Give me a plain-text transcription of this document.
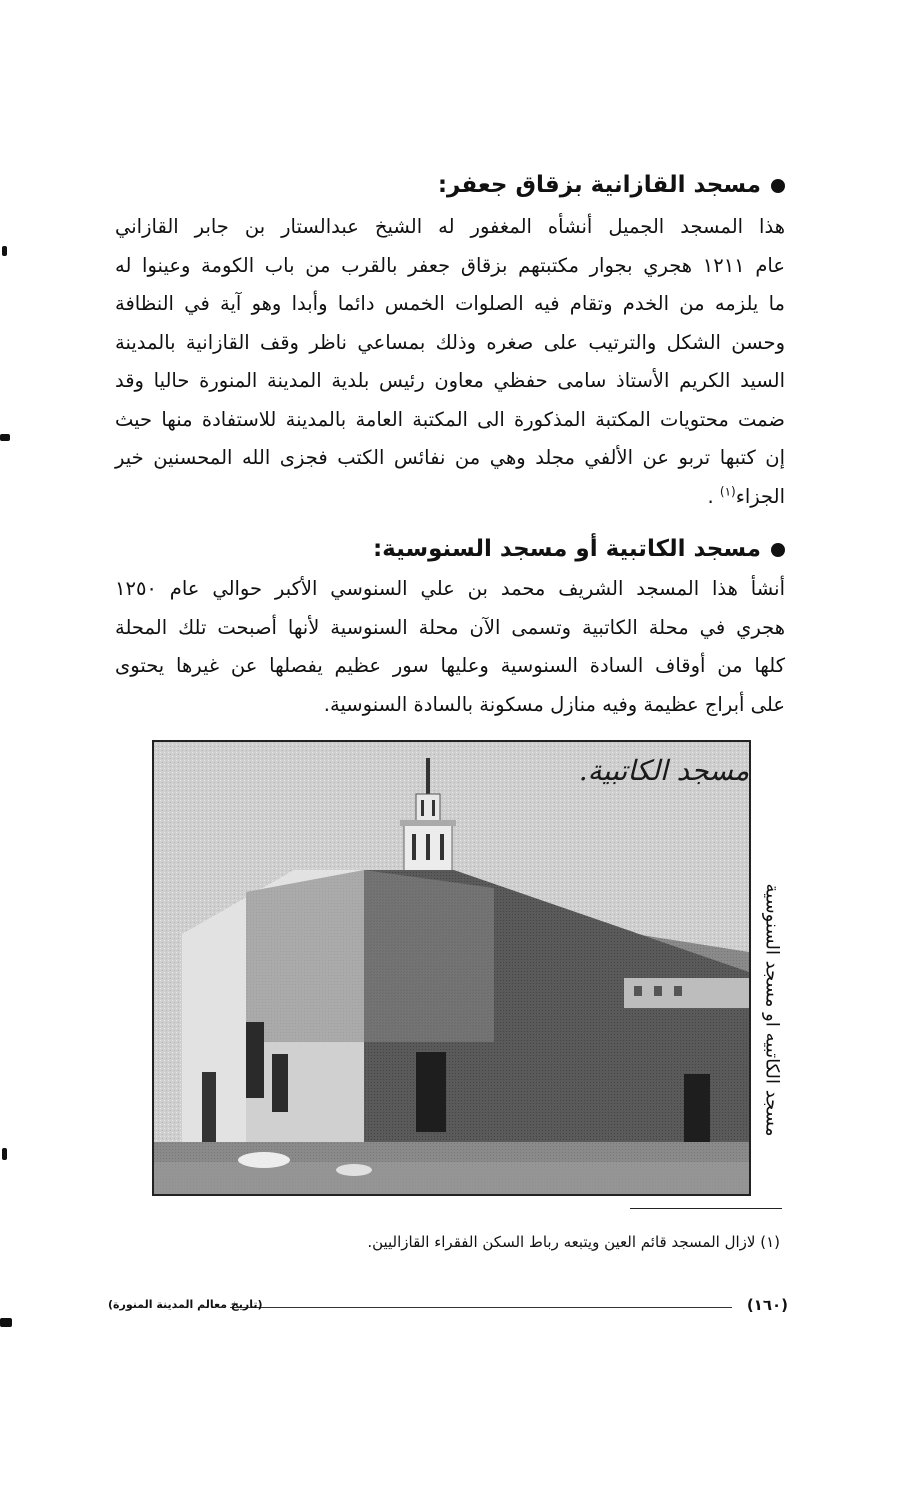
مسجد القازانية بزقاق جعفر:
هذا المسجد الجميل أنشأه المغفور له الشيخ عبدالستار بن جابر القازاني
عام ١٢١١ هجري بجوار مكتبتهم بزقاق جعفر بالقرب من باب الكومة وعينوا له
ما يلزمه من الخدم وتقام فيه الصلوات الخمس دائما وأبدا وهو آية في النظافة
وحسن الشكل والترتيب على صغره وذلك بمساعي ناظر وقف القازانية بالمدينة
السيد الكريم الأستاذ سامى حفظي معاون رئيس بلدية المدينة المنورة حاليا وقد
ضمت محتويات المكتبة المذكورة الى المكتبة العامة بالمدينة للاستفادة منها حيث
إن كتبها تربو عن الألفي مجلد وهي من نفائس الكتب فجزى الله المحسنين خير
الجزاء$^{(١)}$ .
مسجد الكاتبية أو مسجد السنوسية:
أنشأ هذا المسجد الشريف محمد بن علي السنوسي الأكبر حوالي عام ١٢٥٠
هجري في محلة الكاتبية وتسمى الآن محلة السنوسية لأنها أصبحت تلك المحلة
كلها من أوقاف السادة السنوسية وعليها سور عظيم يفصلها عن غيرها يحتوى
على أبراج عظيمة وفيه منازل مسكونة بالسادة السنوسية.
مسجد الكاتبية.
مسجد الكاتبيه او مسجد السنوسية
(١) لازال المسجد قائم العين ويتبعه رباط السكن الفقراء القازاليين.
(١٦٠)
(تاريخ معالم المدينة المنورة)
